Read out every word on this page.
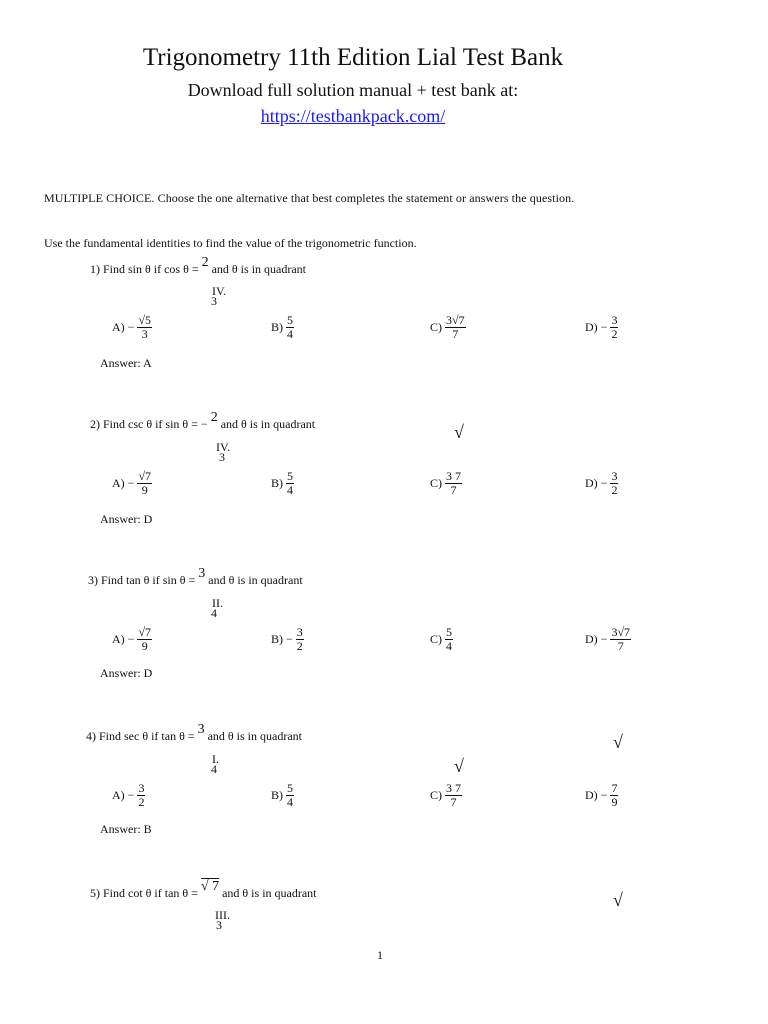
Trigonometry 11th Edition Lial Test Bank
Download full solution manual + test bank at:
https://testbankpack.com/
MULTIPLE CHOICE. Choose the one alternative that best completes the statement or answers the question.
Use the fundamental identities to find the value of the trigonometric function.
1) Find sin θ if cos θ = 2 and θ is in quadrant
IV.
3
$A) - \frac{√5}{3}$	$B) \frac{5}{4}$	$C) \frac{3√7}{7}$	$D) - \frac{3}{2}$
Answer: A
2) Find csc θ if sin θ = − 2 and θ is in quadrant
IV.
3
√
$A) - \frac{√7}{9}$	$B) \frac{5}{4}$	$C) \frac{3 7}{7}$	$D) - \frac{3}{2}$
Answer: D
3) Find tan θ if sin θ = 3 and θ is in quadrant
II.
4
$A) - \frac{√7}{9}$	$B) - \frac{3}{2}$	$C) \frac{5}{4}$	$D) - \frac{3√7}{7}$
Answer: D
4) Find sec θ if tan θ = 3 and θ is in quadrant
I.
4
√
√
$A) - \frac{3}{2}$	$B) \frac{5}{4}$	$C) \frac{3 7}{7}$	$D) - \frac{7}{9}$
Answer: B
5) Find cot θ if tan θ = √ 7 and θ is in quadrant
III.
3
√
1
